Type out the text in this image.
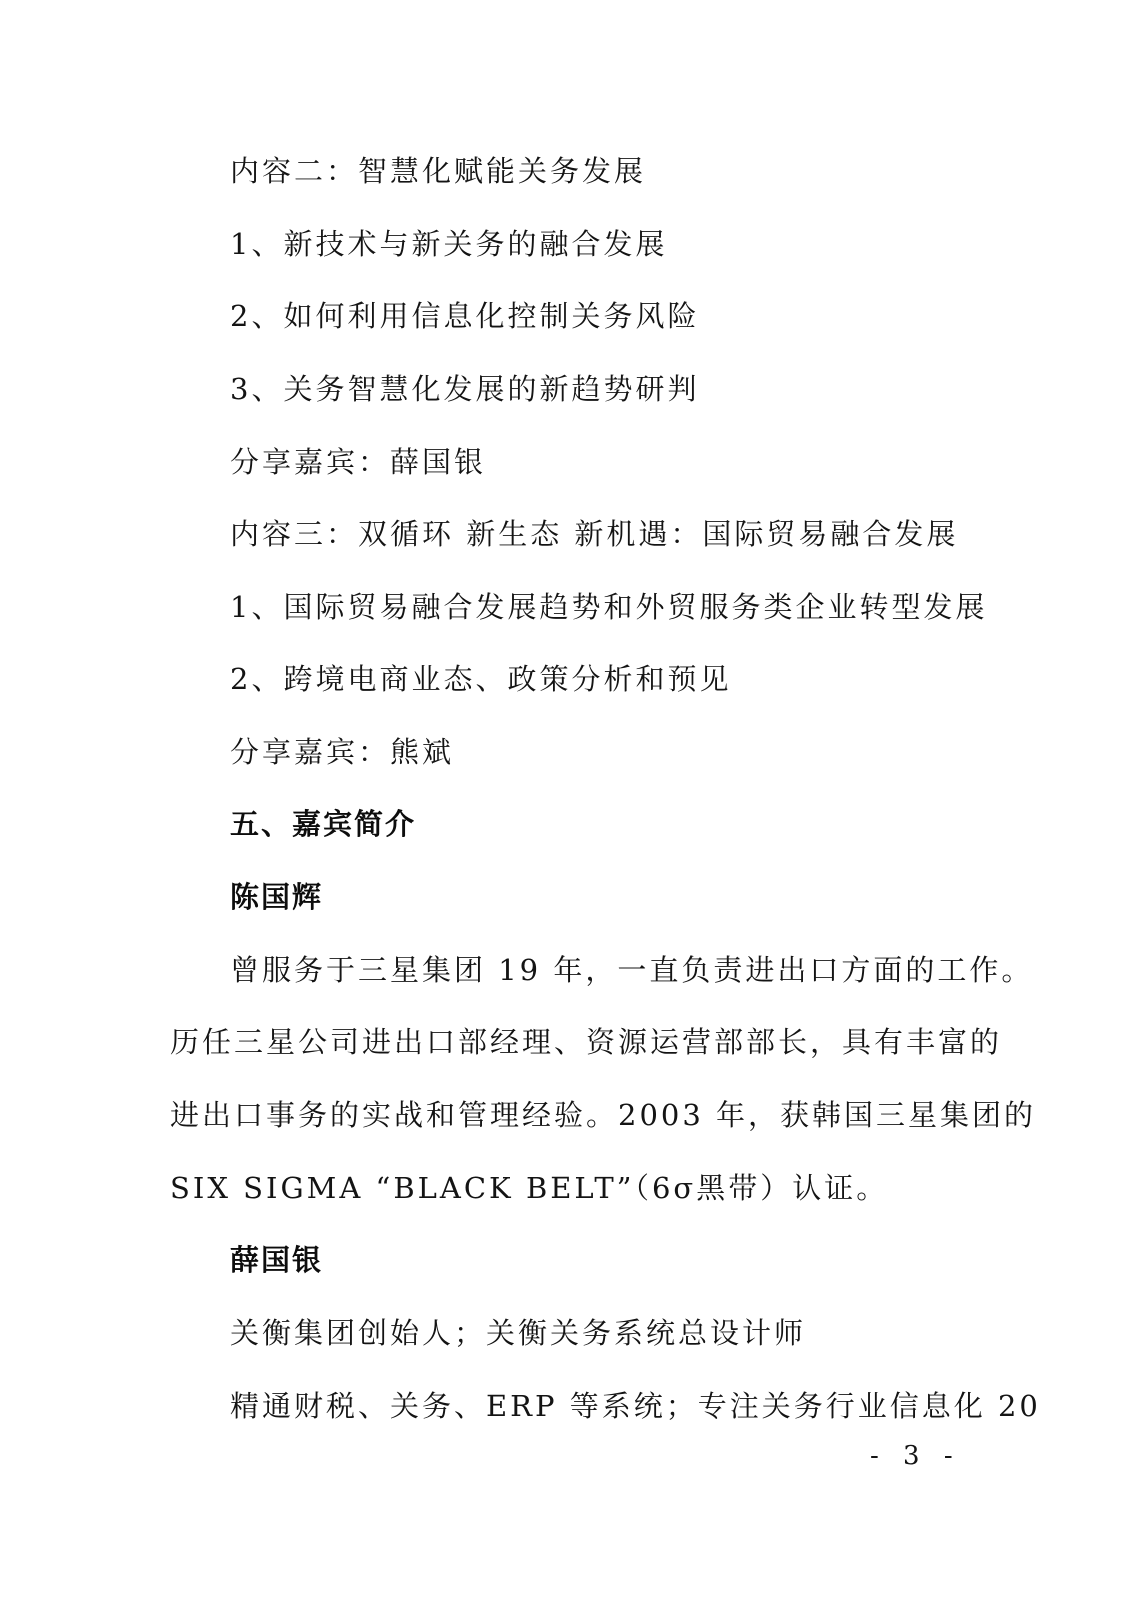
内容二：智慧化赋能关务发展
1、新技术与新关务的融合发展
2、如何利用信息化控制关务风险
3、关务智慧化发展的新趋势研判
分享嘉宾：薛国银
内容三：双循环 新生态 新机遇：国际贸易融合发展
1、国际贸易融合发展趋势和外贸服务类企业转型发展
2、跨境电商业态、政策分析和预见
分享嘉宾：熊斌
五、嘉宾简介
陈国辉
曾服务于三星集团 19 年，一直负责进出口方面的工作。
历任三星公司进出口部经理、资源运营部部长，具有丰富的
进出口事务的实战和管理经验。2003 年，获韩国三星集团的
SIX SIGMA “BLACK BELT”（6σ黑带）认证。
薛国银
关衡集团创始人；关衡关务系统总设计师
精通财税、关务、ERP 等系统；专注关务行业信息化 20
- 3 -
